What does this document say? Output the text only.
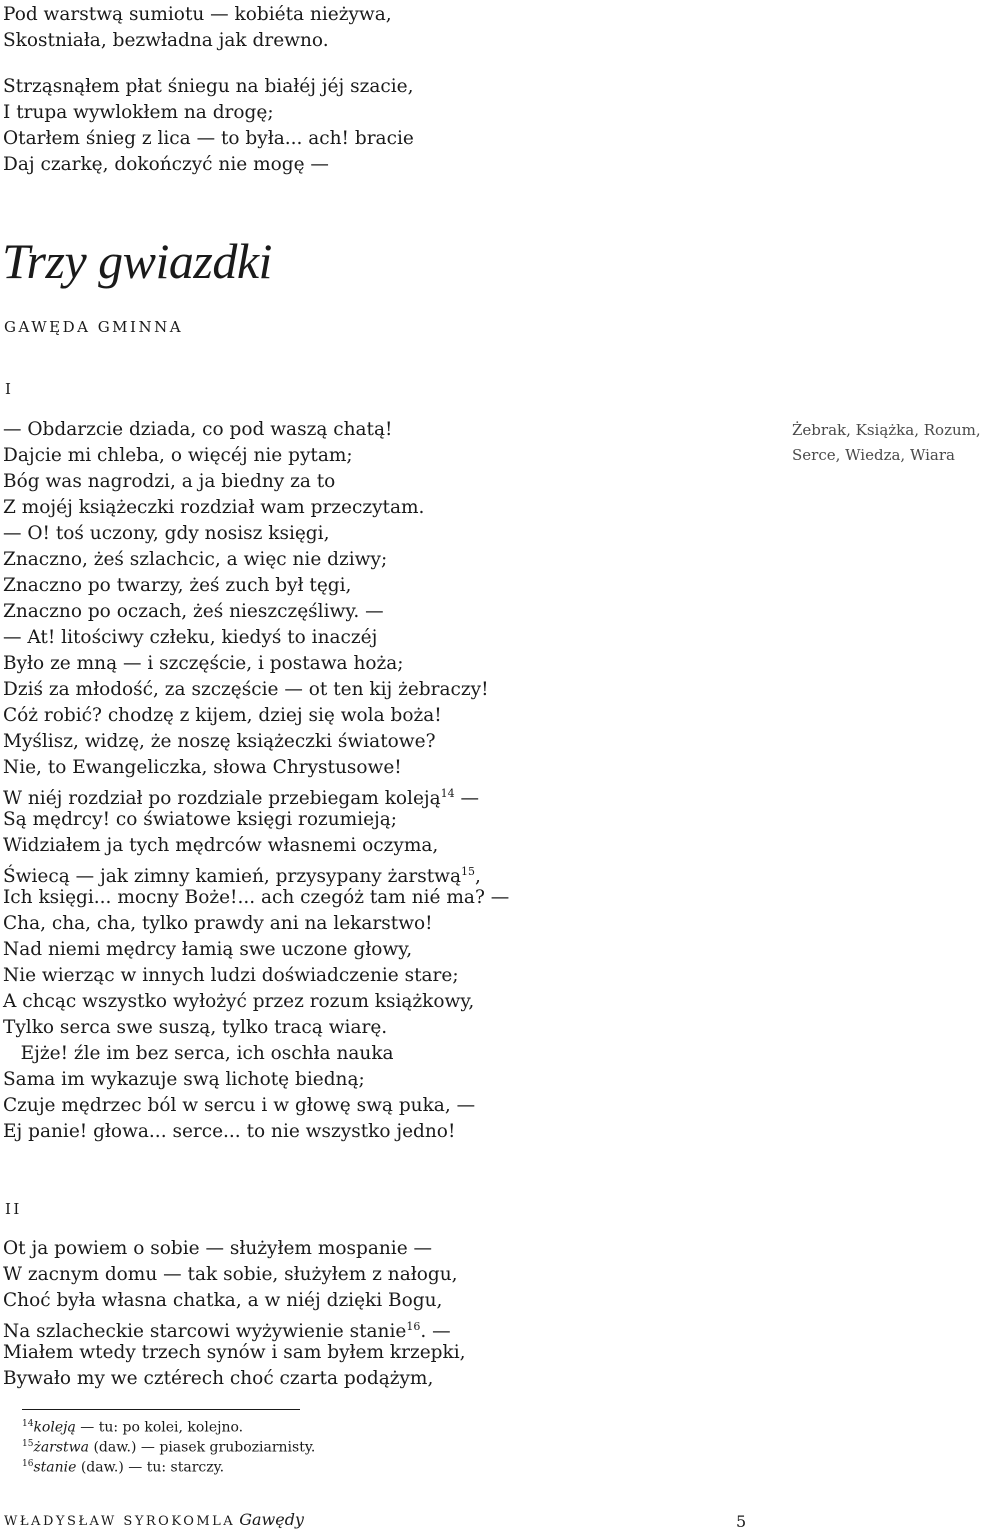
Pod warstwą sumiotu — kobiéta nieżywa,
Skostniała, bezwładna jak drewno.
Strząsnąłem płat śniegu na białéj jéj szacie,
I trupa wywlokłem na drogę;
Otarłem śnieg z lica — to była... ach! bracie
Daj czarkę, dokończyć nie mogę —
Trzy gwiazdki
GAWĘDA GMINNA
I
— Obdarzcie dziada, co pod waszą chatą!
Dajcie mi chleba, o więcéj nie pytam;
Bóg was nagrodzi, a ja biedny za to
Z mojéj książeczki rozdział wam przeczytam.
— O! toś uczony, gdy nosisz księgi,
Znaczno, żeś szlachcic, a więc nie dziwy;
Znaczno po twarzy, żeś zuch był tęgi,
Znaczno po oczach, żeś nieszczęśliwy. —
— At! litościwy człeku, kiedyś to inaczéj
Było ze mną — i szczęście, i postawa hoża;
Dziś za młodość, za szczęście — ot ten kij żebraczy!
Cóż robić? chodzę z kijem, dziej się wola boża!
Myślisz, widzę, że noszę książeczki światowe?
Nie, to Ewangeliczka, słowa Chrystusowe!
W niéj rozdział po rozdziale przebiegam koleją$^{14}$ —
Są mędrcy! co światowe księgi rozumieją;
Widziałem ja tych mędrców własnemi oczyma,
Świecą — jak zimny kamień, przysypany żarstwą$^{15}$,
Ich księgi... mocny Boże!... ach czegóż tam nié ma? —
Cha, cha, cha, tylko prawdy ani na lekarstwo!
Nad niemi mędrcy łamią swe uczone głowy,
Nie wierząc w innych ludzi doświadczenie stare;
A chcąc wszystko wyłożyć przez rozum książkowy,
Tylko serca swe suszą, tylko tracą wiarę.
Ejże! źle im bez serca, ich oschła nauka
Sama im wykazuje swą lichotę biedną;
Czuje mędrzec ból w sercu i w głowę swą puka, —
Ej panie! głowa... serce... to nie wszystko jedno!
Żebrak, Książka, Rozum,
Serce, Wiedza, Wiara
II
Ot ja powiem o sobie — służyłem mospanie —
W zacnym domu — tak sobie, służyłem z nałogu,
Choć była własna chatka, a w niéj dzięki Bogu,
Na szlacheckie starcowi wyżywienie stanie$^{16}$. —
Miałem wtedy trzech synów i sam byłem krzepki,
Bywało my we cztérech choć czarta podążym,
$^{14}$koleją — tu: po kolei, kolejno.
$^{15}$żarstwa (daw.) — piasek gruboziarnisty.
$^{16}$stanie (daw.) — tu: starczy.
WŁADYSŁAW SYROKOMLA Gawędy	5
